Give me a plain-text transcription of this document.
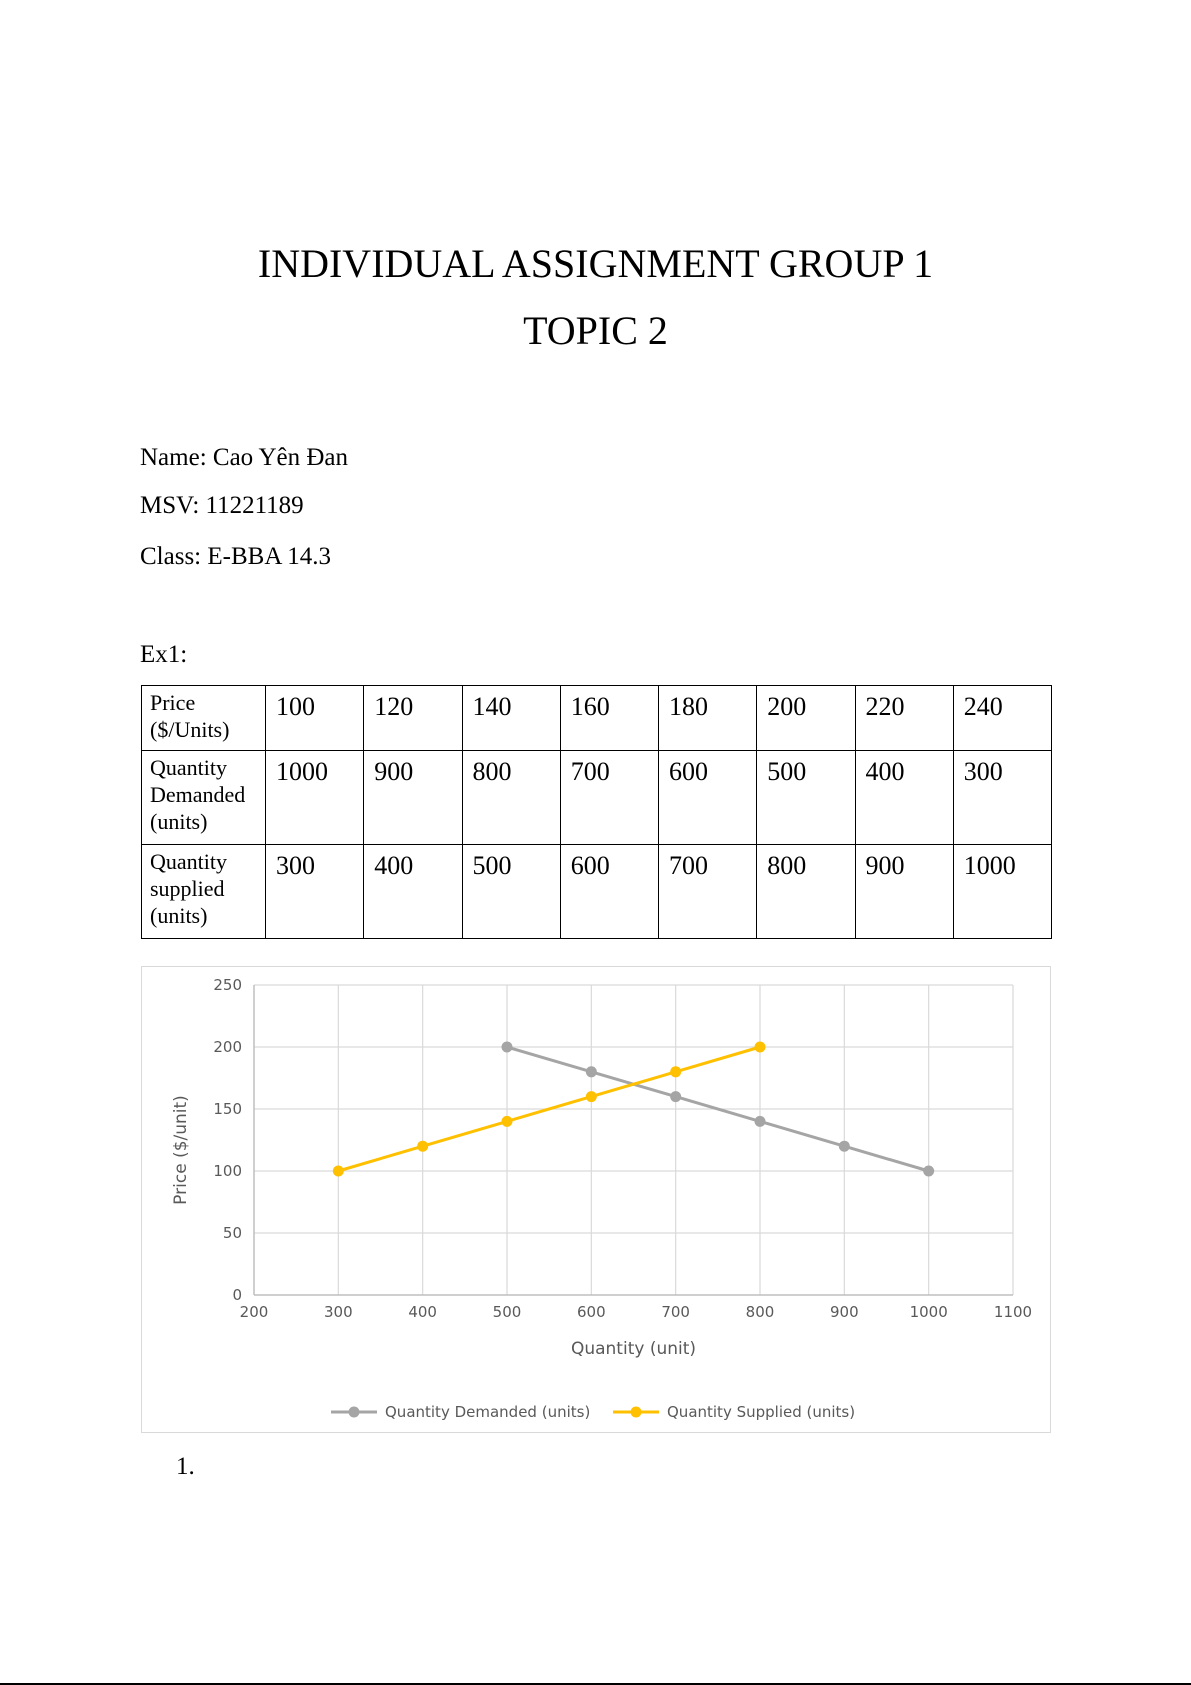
INDIVIDUAL ASSIGNMENT GROUP 1
TOPIC 2
Name: Cao Yên Đan
MSV: 11221189
Class: E-BBA 14.3
Ex1:
Price ($/Units)	100	120	140	160	180	200	220	240
Quantity Demanded (units)	1000	900	800	700	600	500	400	300
Quantity supplied (units)	300	400	500	600	700	800	900	1000
200	300	400	500	600	700	800	900	1000	1100
0
50
100
150
200
250
Quantity (unit)
Price ($/unit)
Quantity Demanded (units)	Quantity Supplied (units)
1.
